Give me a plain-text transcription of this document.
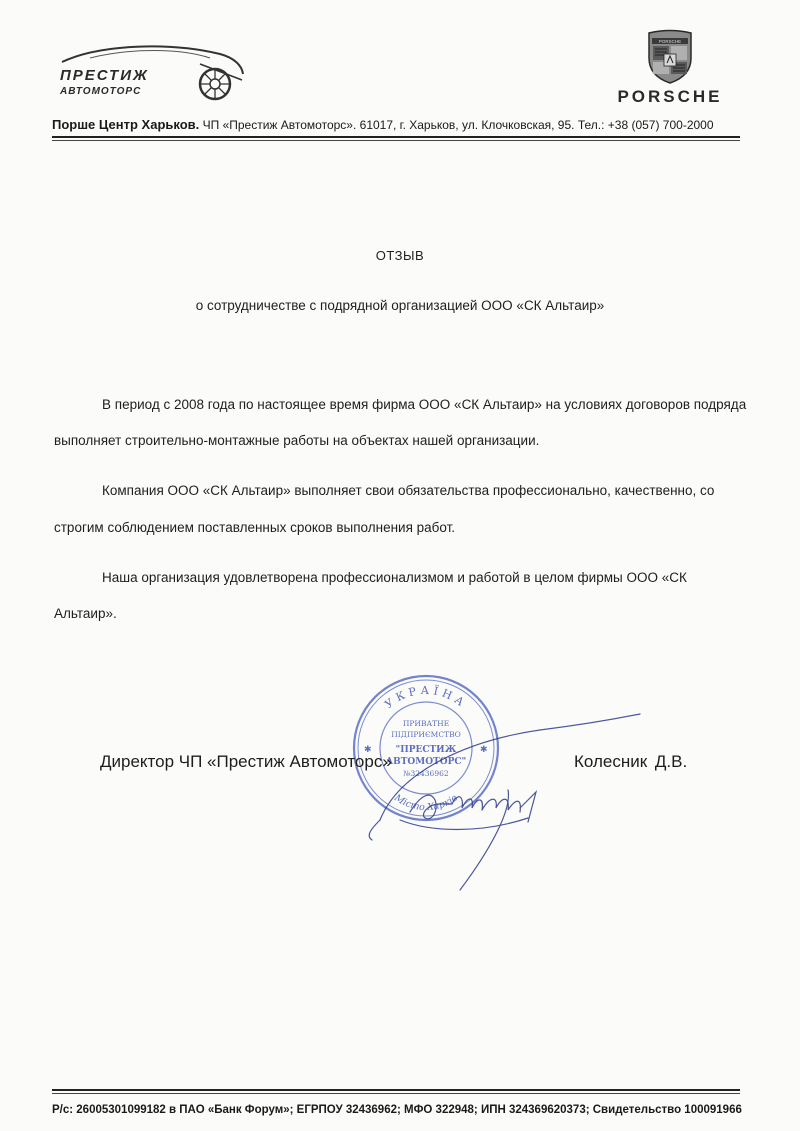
ПРЕСТИЖ
АВТОМОТОРС
PORSCHE
PORSCHE
Порше Центр Харьков. ЧП «Престиж Автомоторс». 61017, г. Харьков, ул. Клочковская, 95. Тел.: +38 (057) 700-2000
ОТЗЫВ
о сотрудничестве с подрядной организацией ООО «СК Альтаир»
В период с 2008 года по настоящее время фирма ООО «СК Альтаир» на условиях договоров подряда
выполняет строительно-монтажные работы на объектах нашей организации.
Компания ООО «СК Альтаир» выполняет свои обязательства профессионально, качественно, со
строгим соблюдением поставленных сроков выполнения работ.
Наша организация удовлетворена профессионализмом и работой в целом фирмы ООО «СК
Альтаир».
УКРАЇНА
Місто Харків
✱	✱
ПРИВАТНЕ
ПІДПРИЄМСТВО
"ПРЕСТИЖ
АВТОМОТОРС"
№32436962
Директор ЧП «Престиж Автомоторс»	Колесник Д.В.
Р/с: 26005301099182 в ПАО «Банк Форум»; ЕГРПОУ 32436962; МФО 322948; ИПН 324369620373; Свидетельство 100091966
